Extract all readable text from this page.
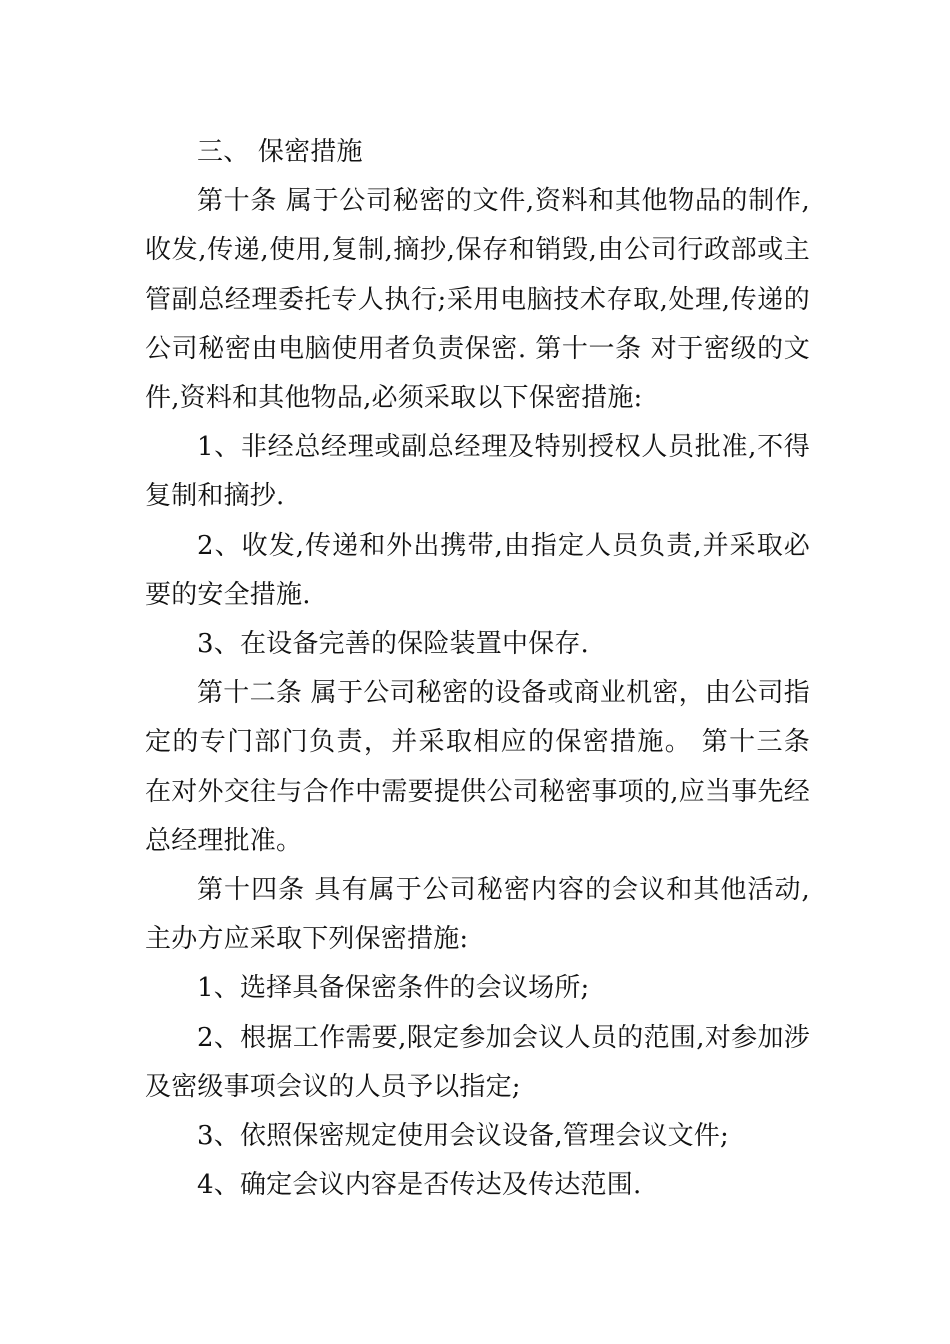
三、 保密措施

第十条 属于公司秘密的文件,资料和其他物品的制作,收发,传递,使用,复制,摘抄,保存和销毁,由公司行政部或主管副总经理委托专人执行;采用电脑技术存取,处理,传递的公司秘密由电脑使用者负责保密. 第十一条 对于密级的文件,资料和其他物品,必须采取以下保密措施:

1、非经总经理或副总经理及特别授权人员批准,不得复制和摘抄.

2、收发,传递和外出携带,由指定人员负责,并采取必要的安全措施.

3、在设备完善的保险装置中保存.

第十二条 属于公司秘密的设备或商业机密，由公司指定的专门部门负责，并采取相应的保密措施。 第十三条 在对外交往与合作中需要提供公司秘密事项的,应当事先经总经理批准。

第十四条 具有属于公司秘密内容的会议和其他活动,主办方应采取下列保密措施:

1、选择具备保密条件的会议场所;

2、根据工作需要,限定参加会议人员的范围,对参加涉及密级事项会议的人员予以指定;

3、依照保密规定使用会议设备,管理会议文件;

4、确定会议内容是否传达及传达范围.
